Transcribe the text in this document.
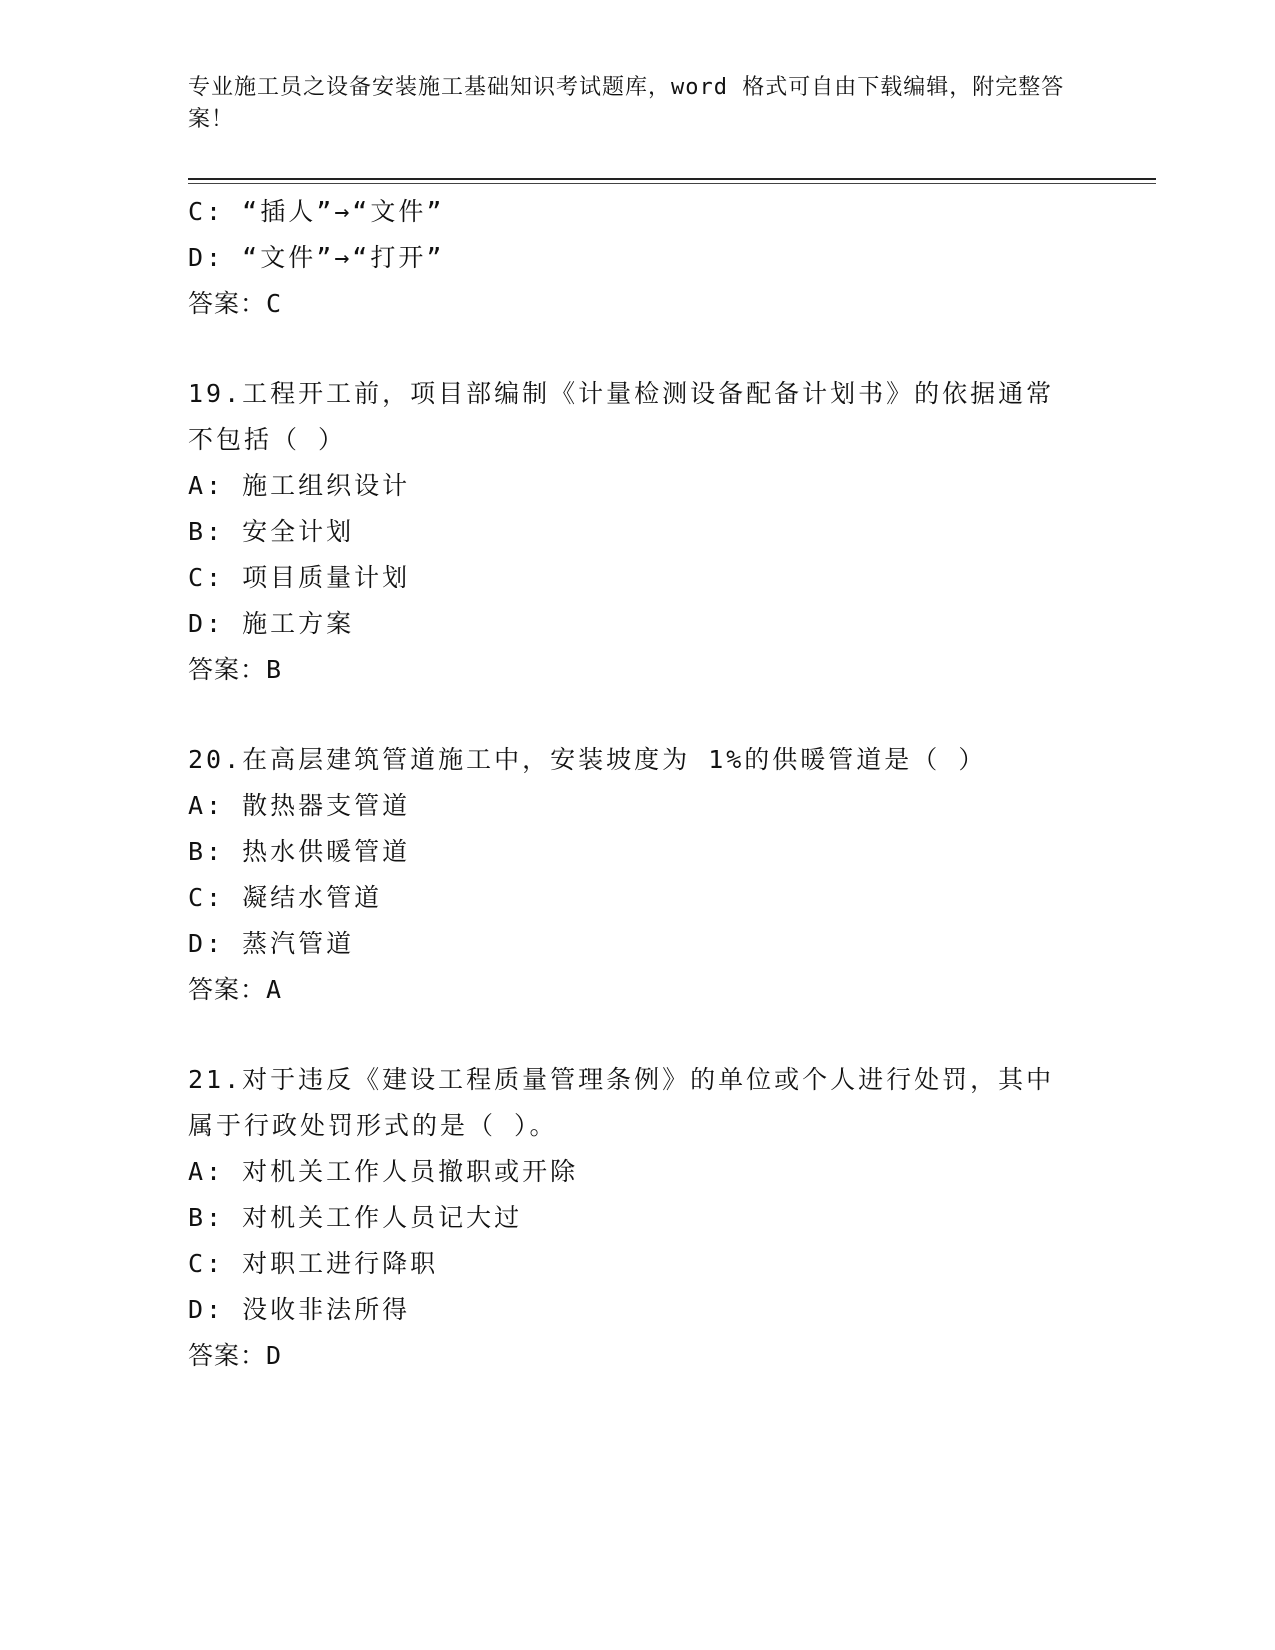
专业施工员之设备安装施工基础知识考试题库，word 格式可自由下载编辑，附完整答案！
C: “插人”→“文件”
D: “文件”→“打开”
答案：C
19.工程开工前，项目部编制《计量检测设备配备计划书》的依据通常
不包括（ ）
A: 施工组织设计
B: 安全计划
C: 项目质量计划
D: 施工方案
答案：B
20.在高层建筑管道施工中，安装坡度为 1%的供暖管道是（ ）
A: 散热器支管道
B: 热水供暖管道
C: 凝结水管道
D: 蒸汽管道
答案：A
21.对于违反《建设工程质量管理条例》的单位或个人进行处罚，其中
属于行政处罚形式的是（ ）。
A: 对机关工作人员撤职或开除
B: 对机关工作人员记大过
C: 对职工进行降职
D: 没收非法所得
答案：D
